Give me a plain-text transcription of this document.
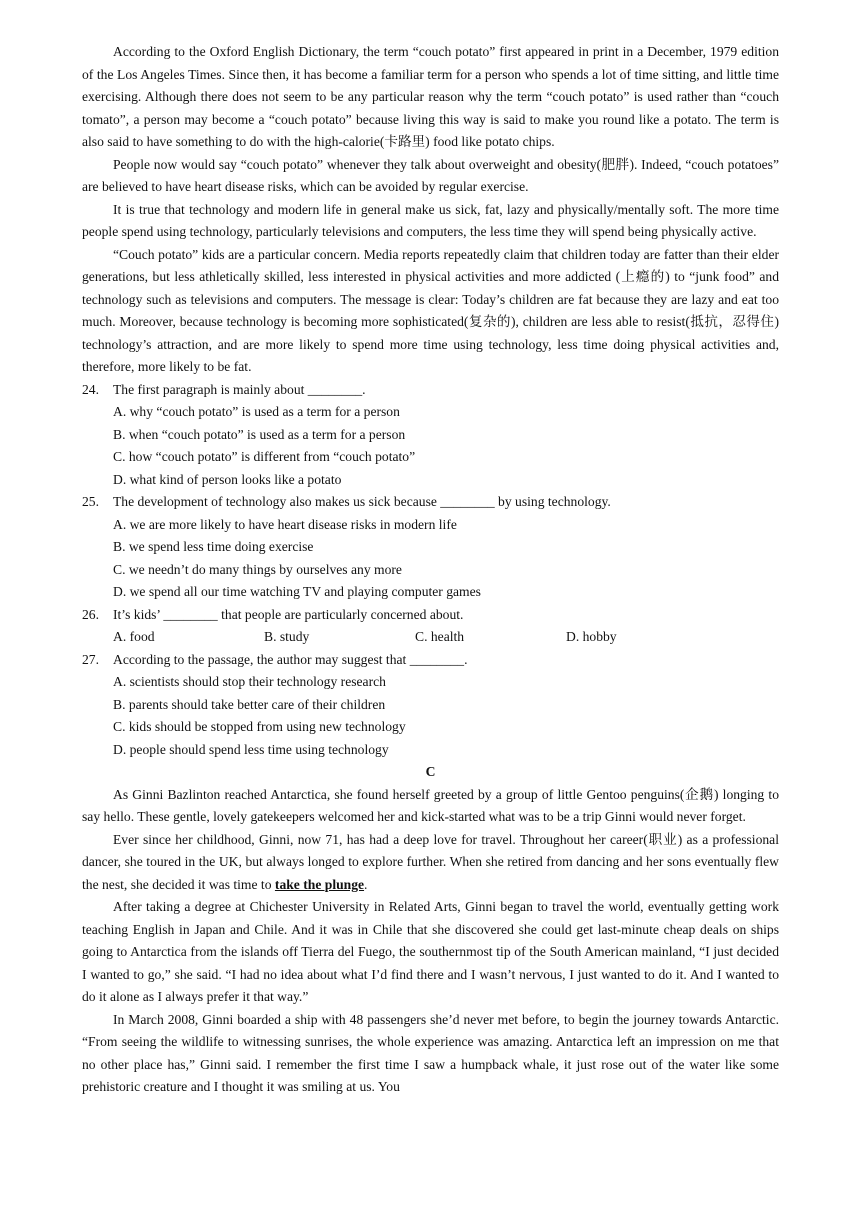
According to the Oxford English Dictionary, the term “couch potato” first appeared in print in a December, 1979 edition of the Los Angeles Times. Since then, it has become a familiar term for a person who spends a lot of time sitting, and little time exercising. Although there does not seem to be any particular reason why the term “couch potato” is used rather than “couch tomato”, a person may become a “couch potato” because living this way is said to make you round like a potato. The term is also said to have something to do with the high-calorie(卡路里) food like potato chips.

People now would say “couch potato” whenever they talk about overweight and obesity(肥胖). Indeed, “couch potatoes” are believed to have heart disease risks, which can be avoided by regular exercise.

It is true that technology and modern life in general make us sick, fat, lazy and physically/mentally soft. The more time people spend using technology, particularly televisions and computers, the less time they will spend being physically active.

“Couch potato” kids are a particular concern. Media reports repeatedly claim that children today are fatter than their elder generations, but less athletically skilled, less interested in physical activities and more addicted (上瘾的) to “junk food” and technology such as televisions and computers. The message is clear: Today’s children are fat because they are lazy and eat too much. Moreover, because technology is becoming more sophisticated(复杂的), children are less able to resist(抵抗，忍得住) technology’s attraction, and are more likely to spend more time using technology, less time doing physical activities and, therefore, more likely to be fat.

24.	The first paragraph is mainly about ________.

A. why “couch potato” is used as a term for a person

B. when “couch potato” is used as a term for a person

C. how “couch potato” is different from “couch potato”

D. what kind of person looks like a potato

25.	The development of technology also makes us sick because ________ by using technology.

A. we are more likely to have heart disease risks in modern life

B. we spend less time doing exercise

C. we needn’t do many things by ourselves any more

D. we spend all our time watching TV and playing computer games

26.	It’s kids’ ________ that people are particularly concerned about.
A. food	B. study	C. health	D. hobby
27.	According to the passage, the author may suggest that ________.

A. scientists should stop their technology research

B. parents should take better care of their children

C. kids should be stopped from using new technology

D. people should spend less time using technology

C

As Ginni Bazlinton reached Antarctica, she found herself greeted by a group of little Gentoo penguins(企鹅) longing to say hello. These gentle, lovely gatekeepers welcomed her and kick-started what was to be a trip Ginni would never forget.

Ever since her childhood, Ginni, now 71, has had a deep love for travel. Throughout her career(职业) as a professional dancer, she toured in the UK, but always longed to explore further. When she retired from dancing and her sons eventually flew the nest, she decided it was time to take the plunge.

After taking a degree at Chichester University in Related Arts, Ginni began to travel the world, eventually getting work teaching English in Japan and Chile. And it was in Chile that she discovered she could get last-minute cheap deals on ships going to Antarctica from the islands off Tierra del Fuego, the southernmost tip of the South American mainland, “I just decided I wanted to go,” she said. “I had no idea about what I’d find there and I wasn’t nervous, I just wanted to do it. And I wanted to do it alone as I always prefer it that way.”

In March 2008, Ginni boarded a ship with 48 passengers she’d never met before, to begin the journey towards Antarctic. “From seeing the wildlife to witnessing sunrises, the whole experience was amazing. Antarctica left an impression on me that no other place has,” Ginni said. I remember the first time I saw a humpback whale, it just rose out of the water like some prehistoric creature and I thought it was smiling at us. You
